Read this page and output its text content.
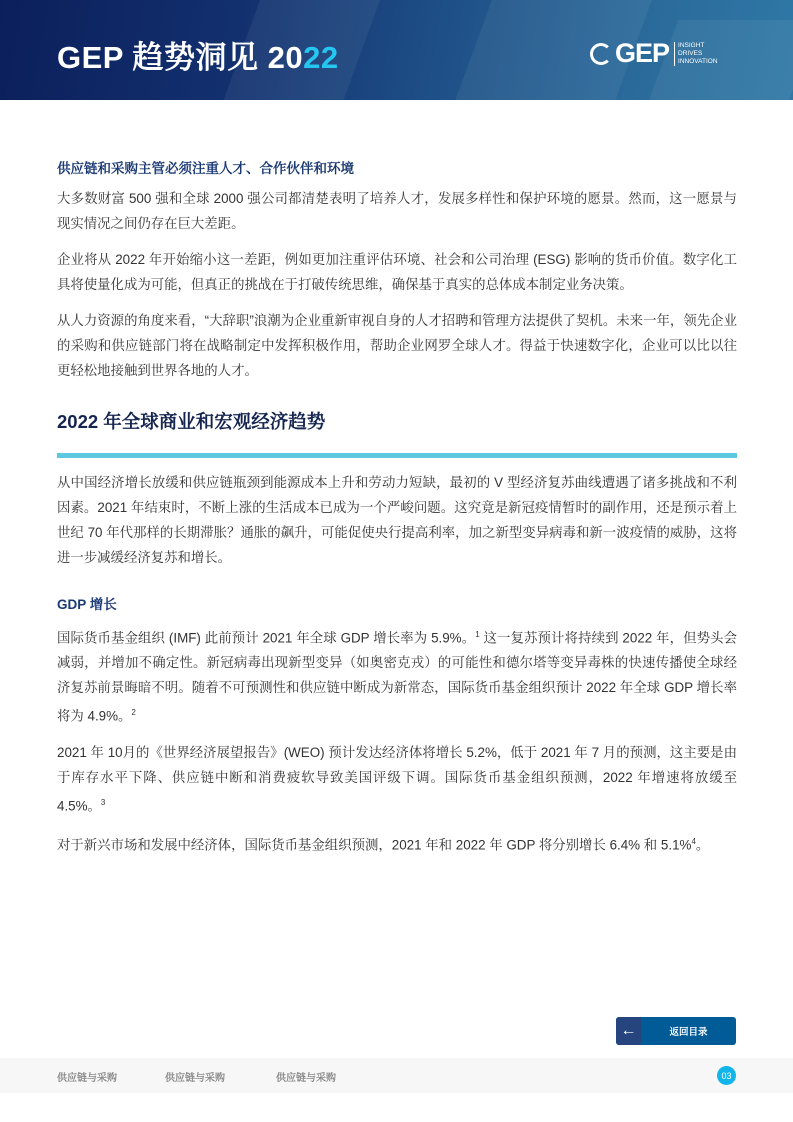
GEP 趋势洞见 2022	GEP INSIGHT
DRIVES
INNOVATION
供应链和采购主管必须注重人才、合作伙伴和环境

大多数财富 500 强和全球 2000 强公司都清楚表明了培养人才，发展多样性和保护环境的愿景。然而，这一愿景与现实情况之间仍存在巨大差距。

企业将从 2022 年开始缩小这一差距，例如更加注重评估环境、社会和公司治理 (ESG) 影响的货币价值。数字化工具将使量化成为可能，但真正的挑战在于打破传统思维，确保基于真实的总体成本制定业务决策。

从人力资源的角度来看，“大辞职”浪潮为企业重新审视自身的人才招聘和管理方法提供了契机。未来一年，领先企业的采购和供应链部门将在战略制定中发挥积极作用，帮助企业网罗全球人才。得益于快速数字化，企业可以比以往更轻松地接触到世界各地的人才。

2022 年全球商业和宏观经济趋势

从中国经济增长放缓和供应链瓶颈到能源成本上升和劳动力短缺，最初的 V 型经济复苏曲线遭遇了诸多挑战和不利因素。2021 年结束时，不断上涨的生活成本已成为一个严峻问题。这究竟是新冠疫情暂时的副作用，还是预示着上世纪 70 年代那样的长期滞胀？通胀的飙升，可能促使央行提高利率，加之新型变异病毒和新一波疫情的威胁，这将进一步减缓经济复苏和增长。

GDP 增长

国际货币基金组织 (IMF) 此前预计 2021 年全球 GDP 增长率为 5.9%。$^1$ 这一复苏预计将持续到 2022 年，但势头会减弱，并增加不确定性。新冠病毒出现新型变异（如奥密克戎）的可能性和德尔塔等变异毒株的快速传播使全球经济复苏前景晦暗不明。随着不可预测性和供应链中断成为新常态，国际货币基金组织预计 2022 年全球 GDP 增长率将为 4.9%。$^2$

2021 年 10月的《世界经济展望报告》(WEO) 预计发达经济体将增长 5.2%，低于 2021 年 7 月的预测，这主要是由于库存水平下降、供应链中断和消费疲软导致美国评级下调。国际货币基金组织预测，2022 年增速将放缓至 4.5%。$^3$

对于新兴市场和发展中经济体，国际货币基金组织预测，2021 年和 2022 年 GDP 将分别增长 6.4% 和 5.1%$^4$。

←	返回目录
供应链与采购	供应链与采购	供应链与采购	03
